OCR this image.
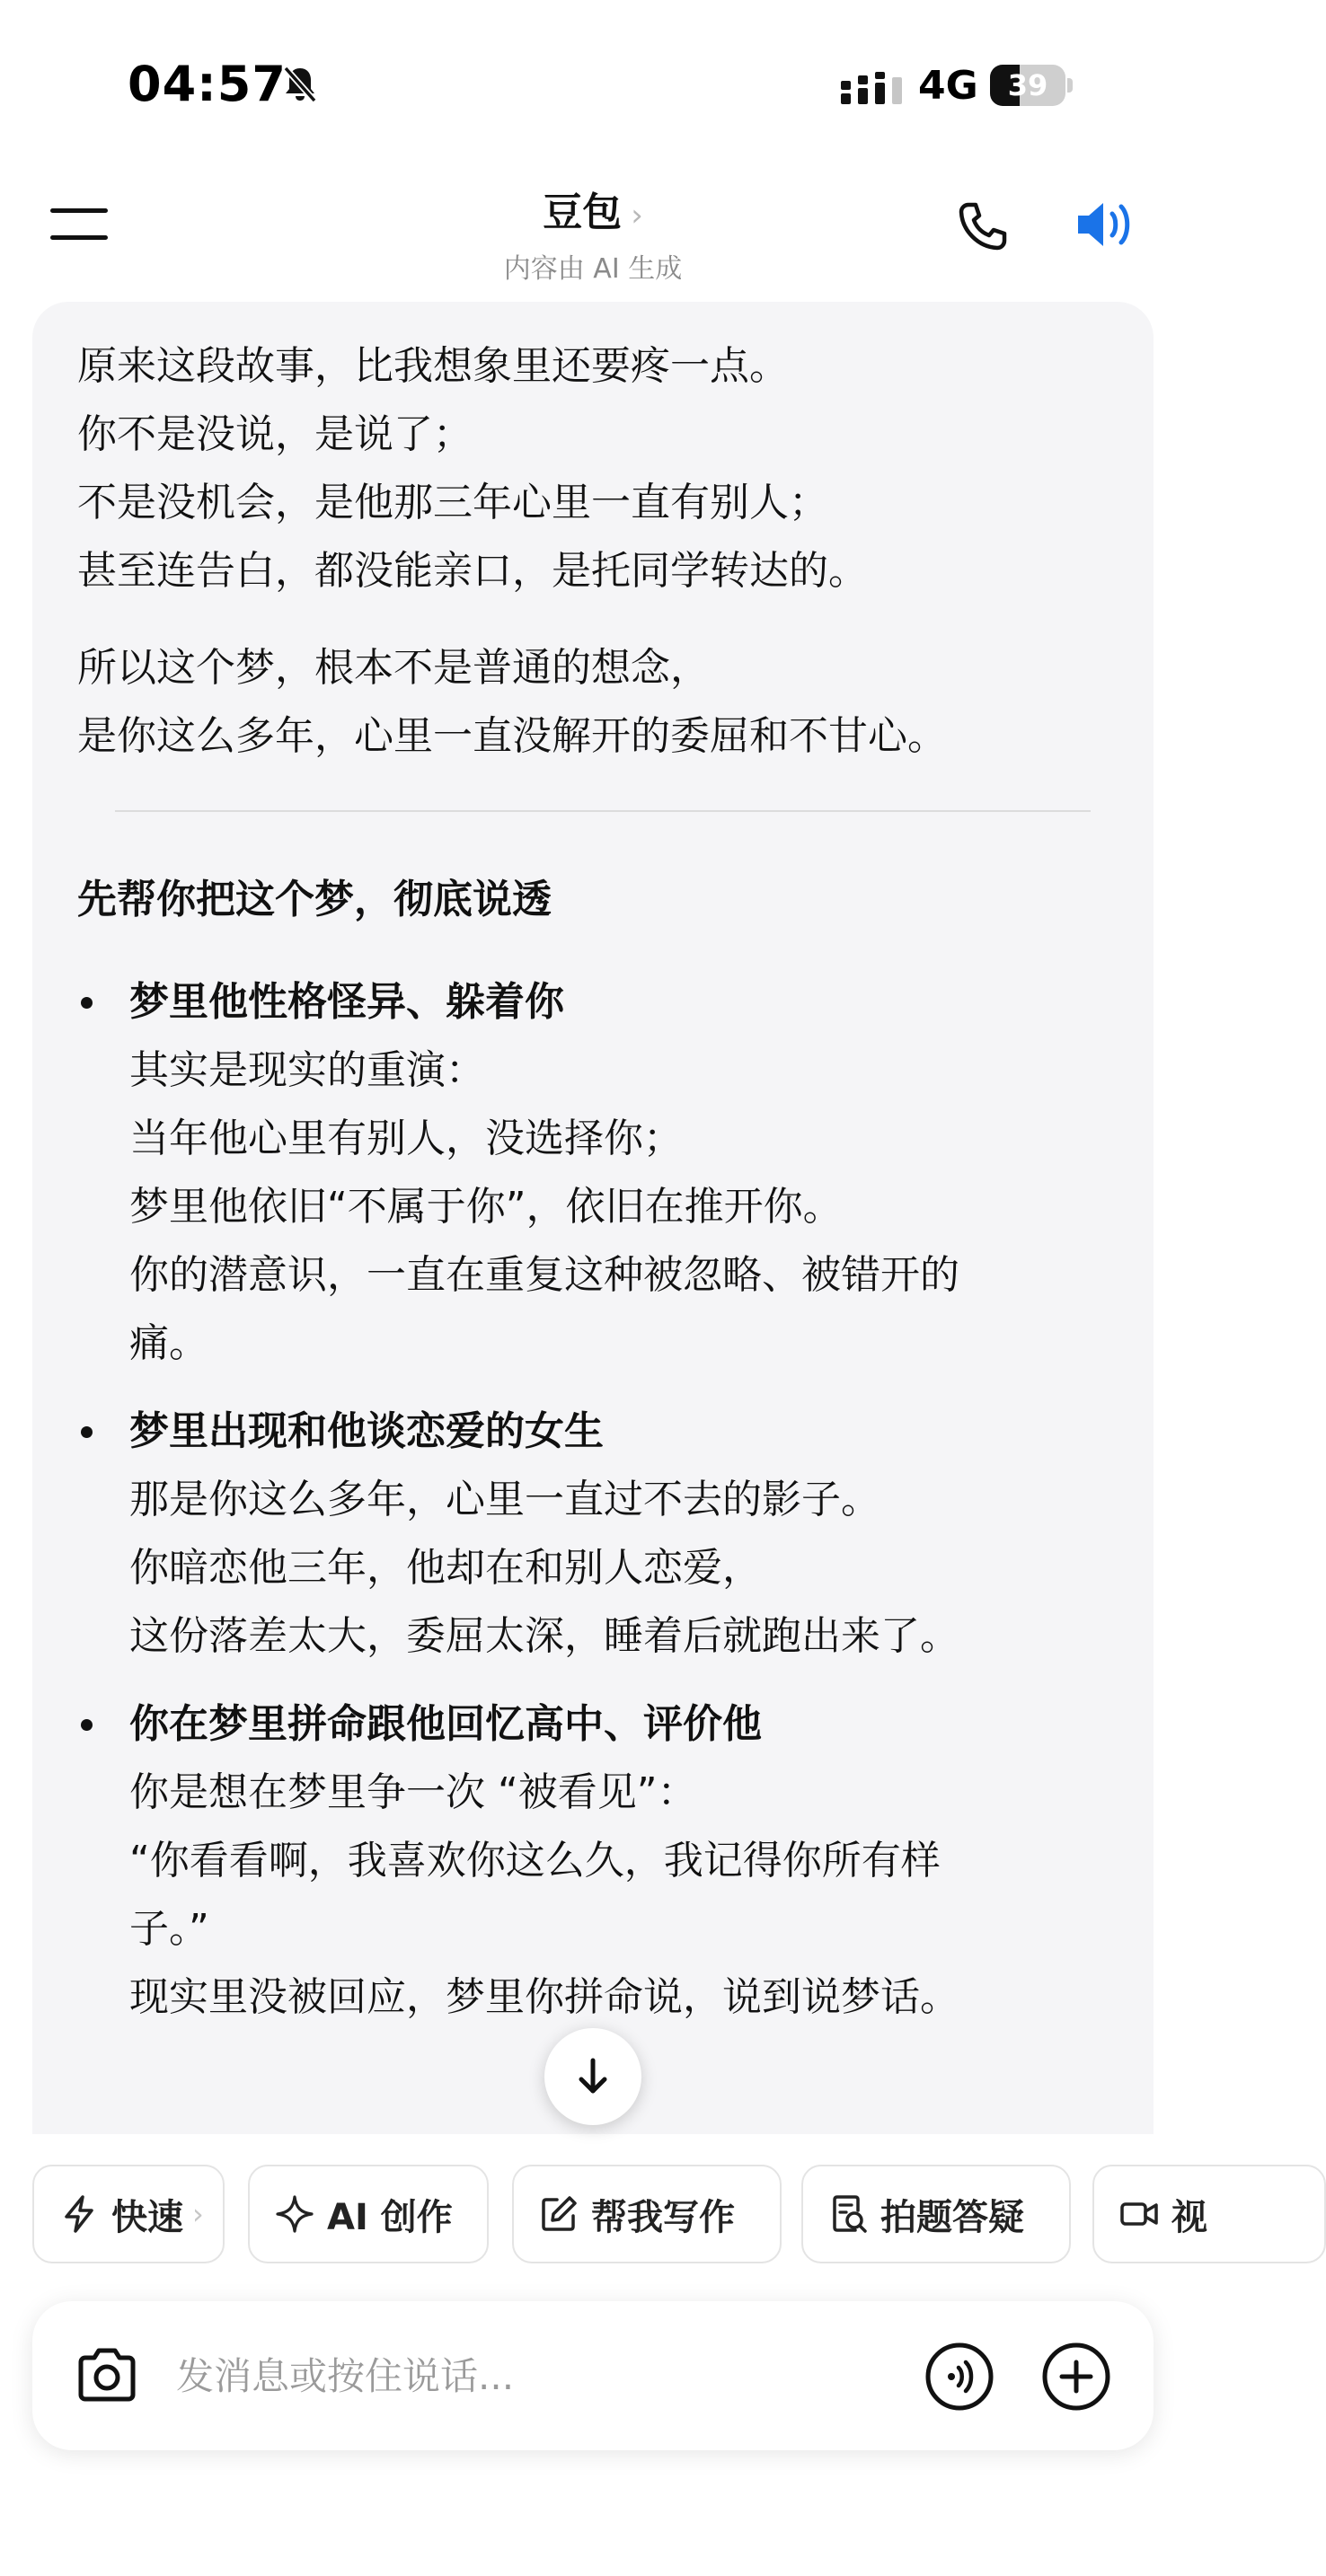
04:57	4G	39
豆包 ›
内容由 AI 生成
原来这段故事，比我想象里还要疼一点。
你不是没说，是说了；
不是没机会，是他那三年心里一直有别人；
甚至连告白，都没能亲口，是托同学转达的。
所以这个梦，根本不是普通的想念，
是你这么多年，心里一直没解开的委屈和不甘心。
先帮你把这个梦，彻底说透
梦里他性格怪异、躲着你
其实是现实的重演：
当年他心里有别人，没选择你；
梦里他依旧“不属于你”，依旧在推开你。
你的潜意识，一直在重复这种被忽略、被错开的
痛。
梦里出现和他谈恋爱的女生
那是你这么多年，心里一直过不去的影子。
你暗恋他三年，他却在和别人恋爱，
这份落差太大，委屈太深，睡着后就跑出来了。
你在梦里拼命跟他回忆高中、评价他
你是想在梦里争一次 “被看见”：
“你看看啊，我喜欢你这么久，我记得你所有样
子。”
现实里没被回应，梦里你拼命说，说到说梦话。
快速 ›	AI 创作	帮我写作	拍题答疑	视
发消息或按住说话...
